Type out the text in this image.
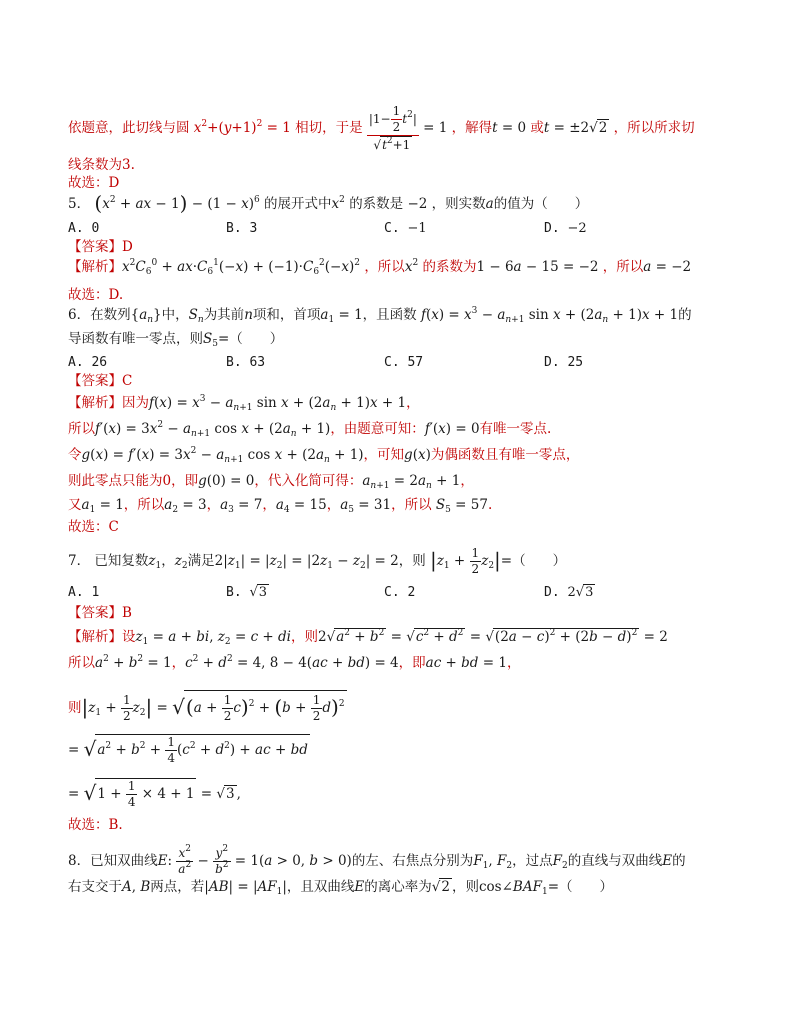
依题意，此切线与圆 $x^2+(y+1)^2 = 1$ 相切，于是 $\frac{|1- \frac{1}{2} t^2|}{√t^2+1} = 1$ ，解得t = 0 或t = ±2√2 ，所以所求切
线条数为3.
故选：D
5． ($x^2$ + ax − $1) - (1 - x)^6$ 的展开式中$x^2$ 的系数是 −2 ，则实数a的值为（　　）
A. 0	B. 3	C. −1	D. −2
【答案】D
【解析】$x^2C_6^0 + ax\cdot C_6^1(-x) + (-1)\cdot C_6^2(-x)^2$ ，所以$x^2$ 的系数为1 − 6a − 15 = −2 ，所以a = −2
故选：D.
6．在数列$\{a_n\}$中，$S_n$为其前n项和，首项$a_1 = 1$，且函数 $f(x) = x^3 - a_{n+1}$ $\sin x + (2a_n + 1)x + 1$的
导函数有唯一零点，则$S_5=$（　　）
A. 26	B. 63	C. 57	D. 25
【答案】C
【解析】因为$f(x) = x^3 - a_{n+1}$ $\sin x + (2a_n + 1)x + 1$，
所以$f'(x) = 3x^2 - a_{n+1}$ $\cos x + (2a_n + 1)$，由题意可知：f′(x) = 0有唯一零点.
令$g(x) = f'(x) = 3x^2 - a_{n+1}$ $\cos x + (2a_n + 1)$，可知g(x)为偶函数且有唯一零点，
则此零点只能为0，即g(0) = 0，代入化简可得：$a_{n+1} = 2a_n + 1$，
又$a_1 = 1$，所以$a_2 = 3$，$a_3 = 7$，$a_4 = 15$，$a_5 = 31$，所以 $S_5 = 57$.
故选：C
7． 已知复数$z_1$，$z_2$满足$2|z_1| = |z_2| = |2z_1 - z_2| = 2$，则 $|z_1 + \frac{1}{2} z_2|=$（　　）
A. 1	B. √3	C. 2	D. 2√3
【答案】B
【解析】设$z_1 = a$ + bi, $z_2 = c$ + di，则$2√a^2 + b^2 = √c^2 + d^2 = √(2a - c)^2 + (2b - d)^2 = 2$
所以$a^2 + b^2 = 1$，$c^2 + d^2 = 4$, 8 − 4(ac + bd) = 4，即ac + bd = 1，
则$|z_1 + \frac{1}{2} z_2| = √(a + \frac{1}{2} c)^2 + (b + \frac{1}{2} d)^2$
= $√a^2 + b^2 + \frac{1}{4} (c^2 + d^2)$ + ac + bd
= $√1 + \frac{1}{4} \times 4 + 1 = √3$ ,
故选：B.
8．已知双曲线E: $\frac{x^2}{a^2} - \frac{y^2}{b^2} = 1(a > 0$, b > 0)的左、右焦点分别为$F_1$, $F_2$，过点$F_2$的直线与双曲线E的
右支交于A, B两点，若$|AB| = |AF_1|$，且双曲线E的离心率为√2 ，则$\cos\angle BAF_1=$（　　）
